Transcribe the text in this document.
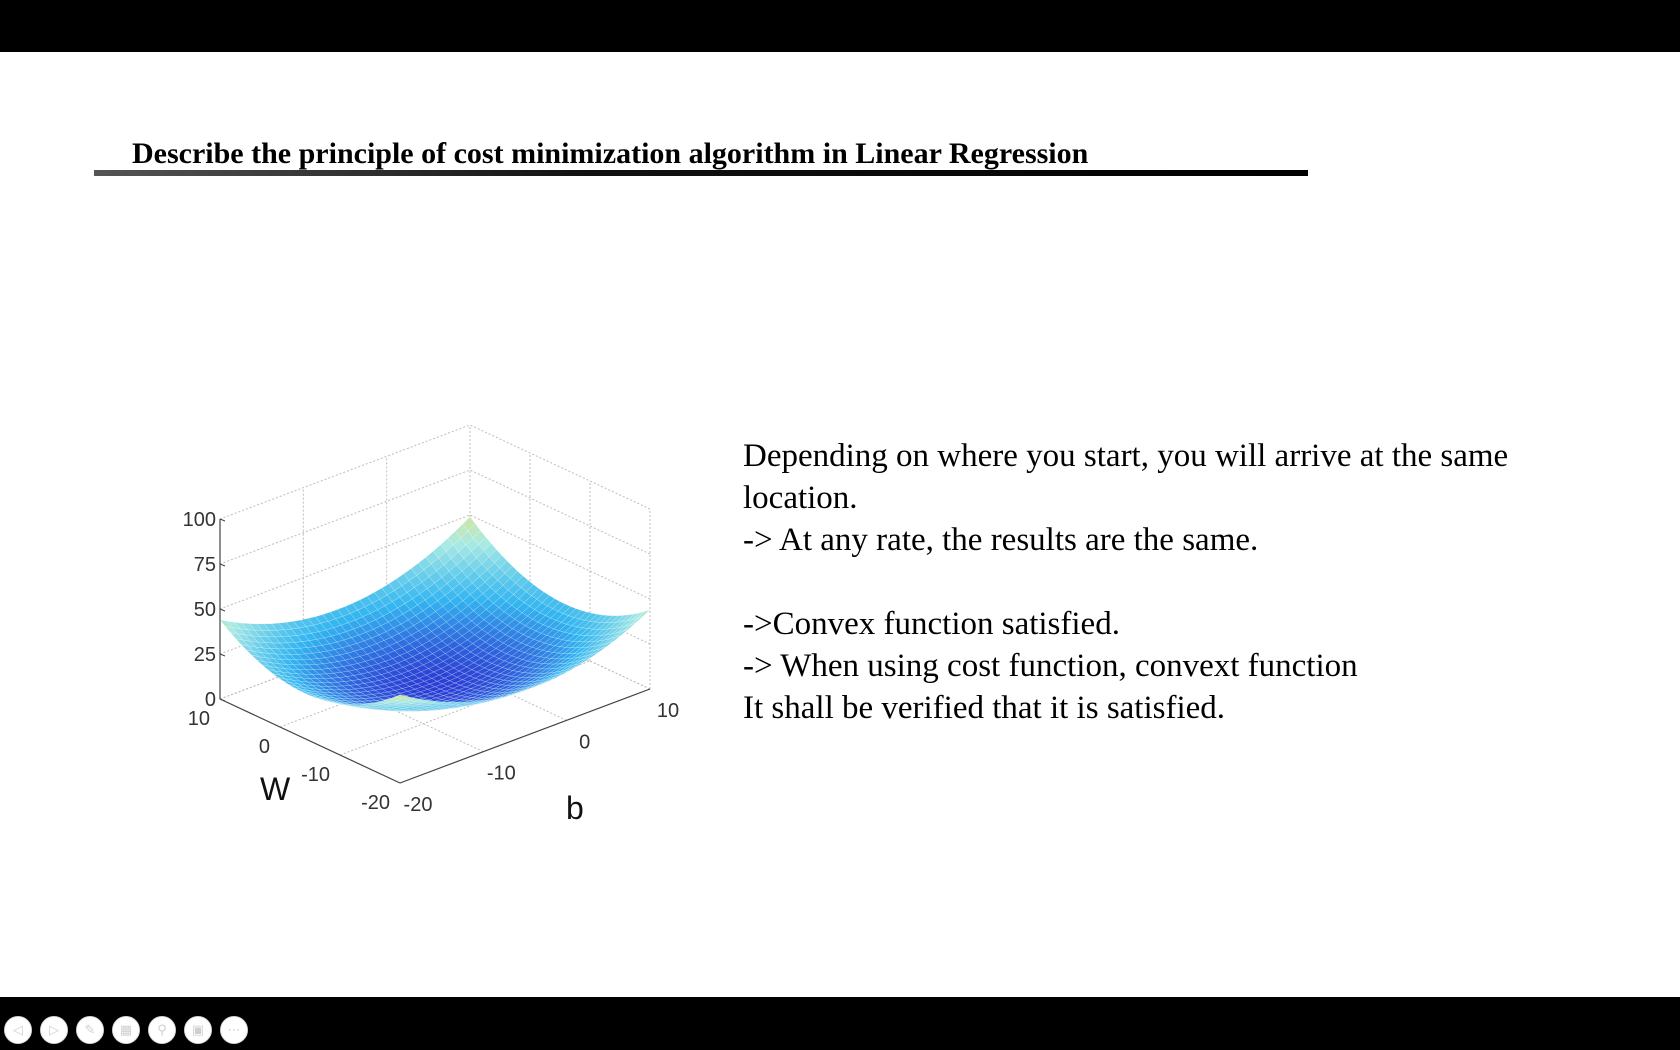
Describe the principle of cost minimization algorithm in Linear Regression
100
75
50
25
0
10
0
-10
-20 -20
-10
0
10
W
b

Depending on where you start, you will arrive at the same

location.

-> At any rate, the results are the same.

->Convex function satisfied.

-> When using cost function, convext function

It shall be verified that it is satisfied.

◁	▷	✎	▦	⚲	▣	⋯
